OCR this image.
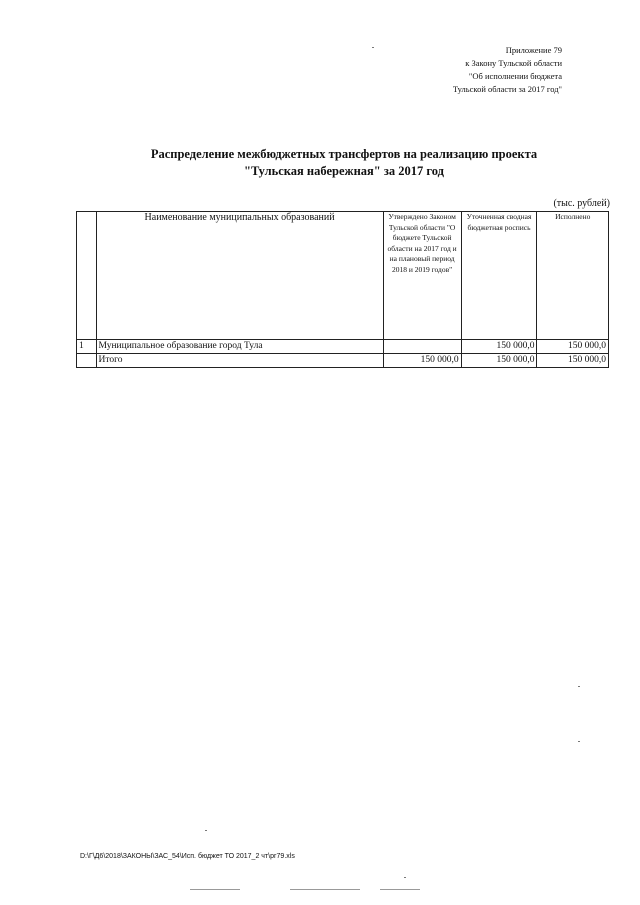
Приложение 79
к Закону Тульской области
"Об исполнении бюджета
Тульской области за 2017 год"
Распределение межбюджетных трансфертов на реализацию проекта
"Тульская набережная" за 2017 год
(тыс. рублей)
	Наименование муниципальных образований	Утверждено Законом Тульской области "О бюджете Тульской области на 2017 год и на плановый период 2018 и 2019 годов"	Уточненная сводная бюджетная роспись	Исполнено
1	Муниципальное образование город Тула		150 000,0	150 000,0
	Итого	150 000,0	150 000,0	150 000,0
D:\Г\Д6\2018\ЗАКОНЫ\ЗАС_54\Исп. бюджет ТО 2017_2 чт\рг79.xls
